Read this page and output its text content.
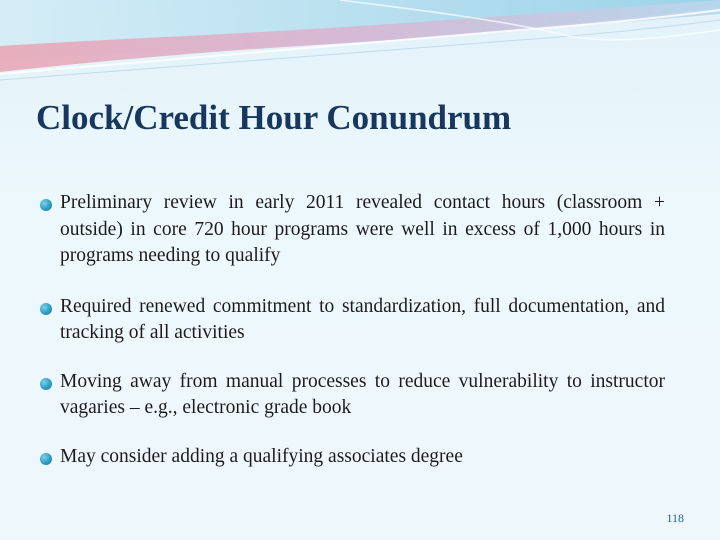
Clock/Credit Hour Conundrum
Preliminary review in early 2011 revealed contact hours (classroom + outside) in core 720 hour programs were well in excess of 1,000 hours in programs needing to qualify
Required renewed commitment to standardization, full documentation, and tracking of all activities
Moving away from manual processes to reduce vulnerability to instructor vagaries – e.g., electronic grade book
May consider adding a qualifying associates degree
118
